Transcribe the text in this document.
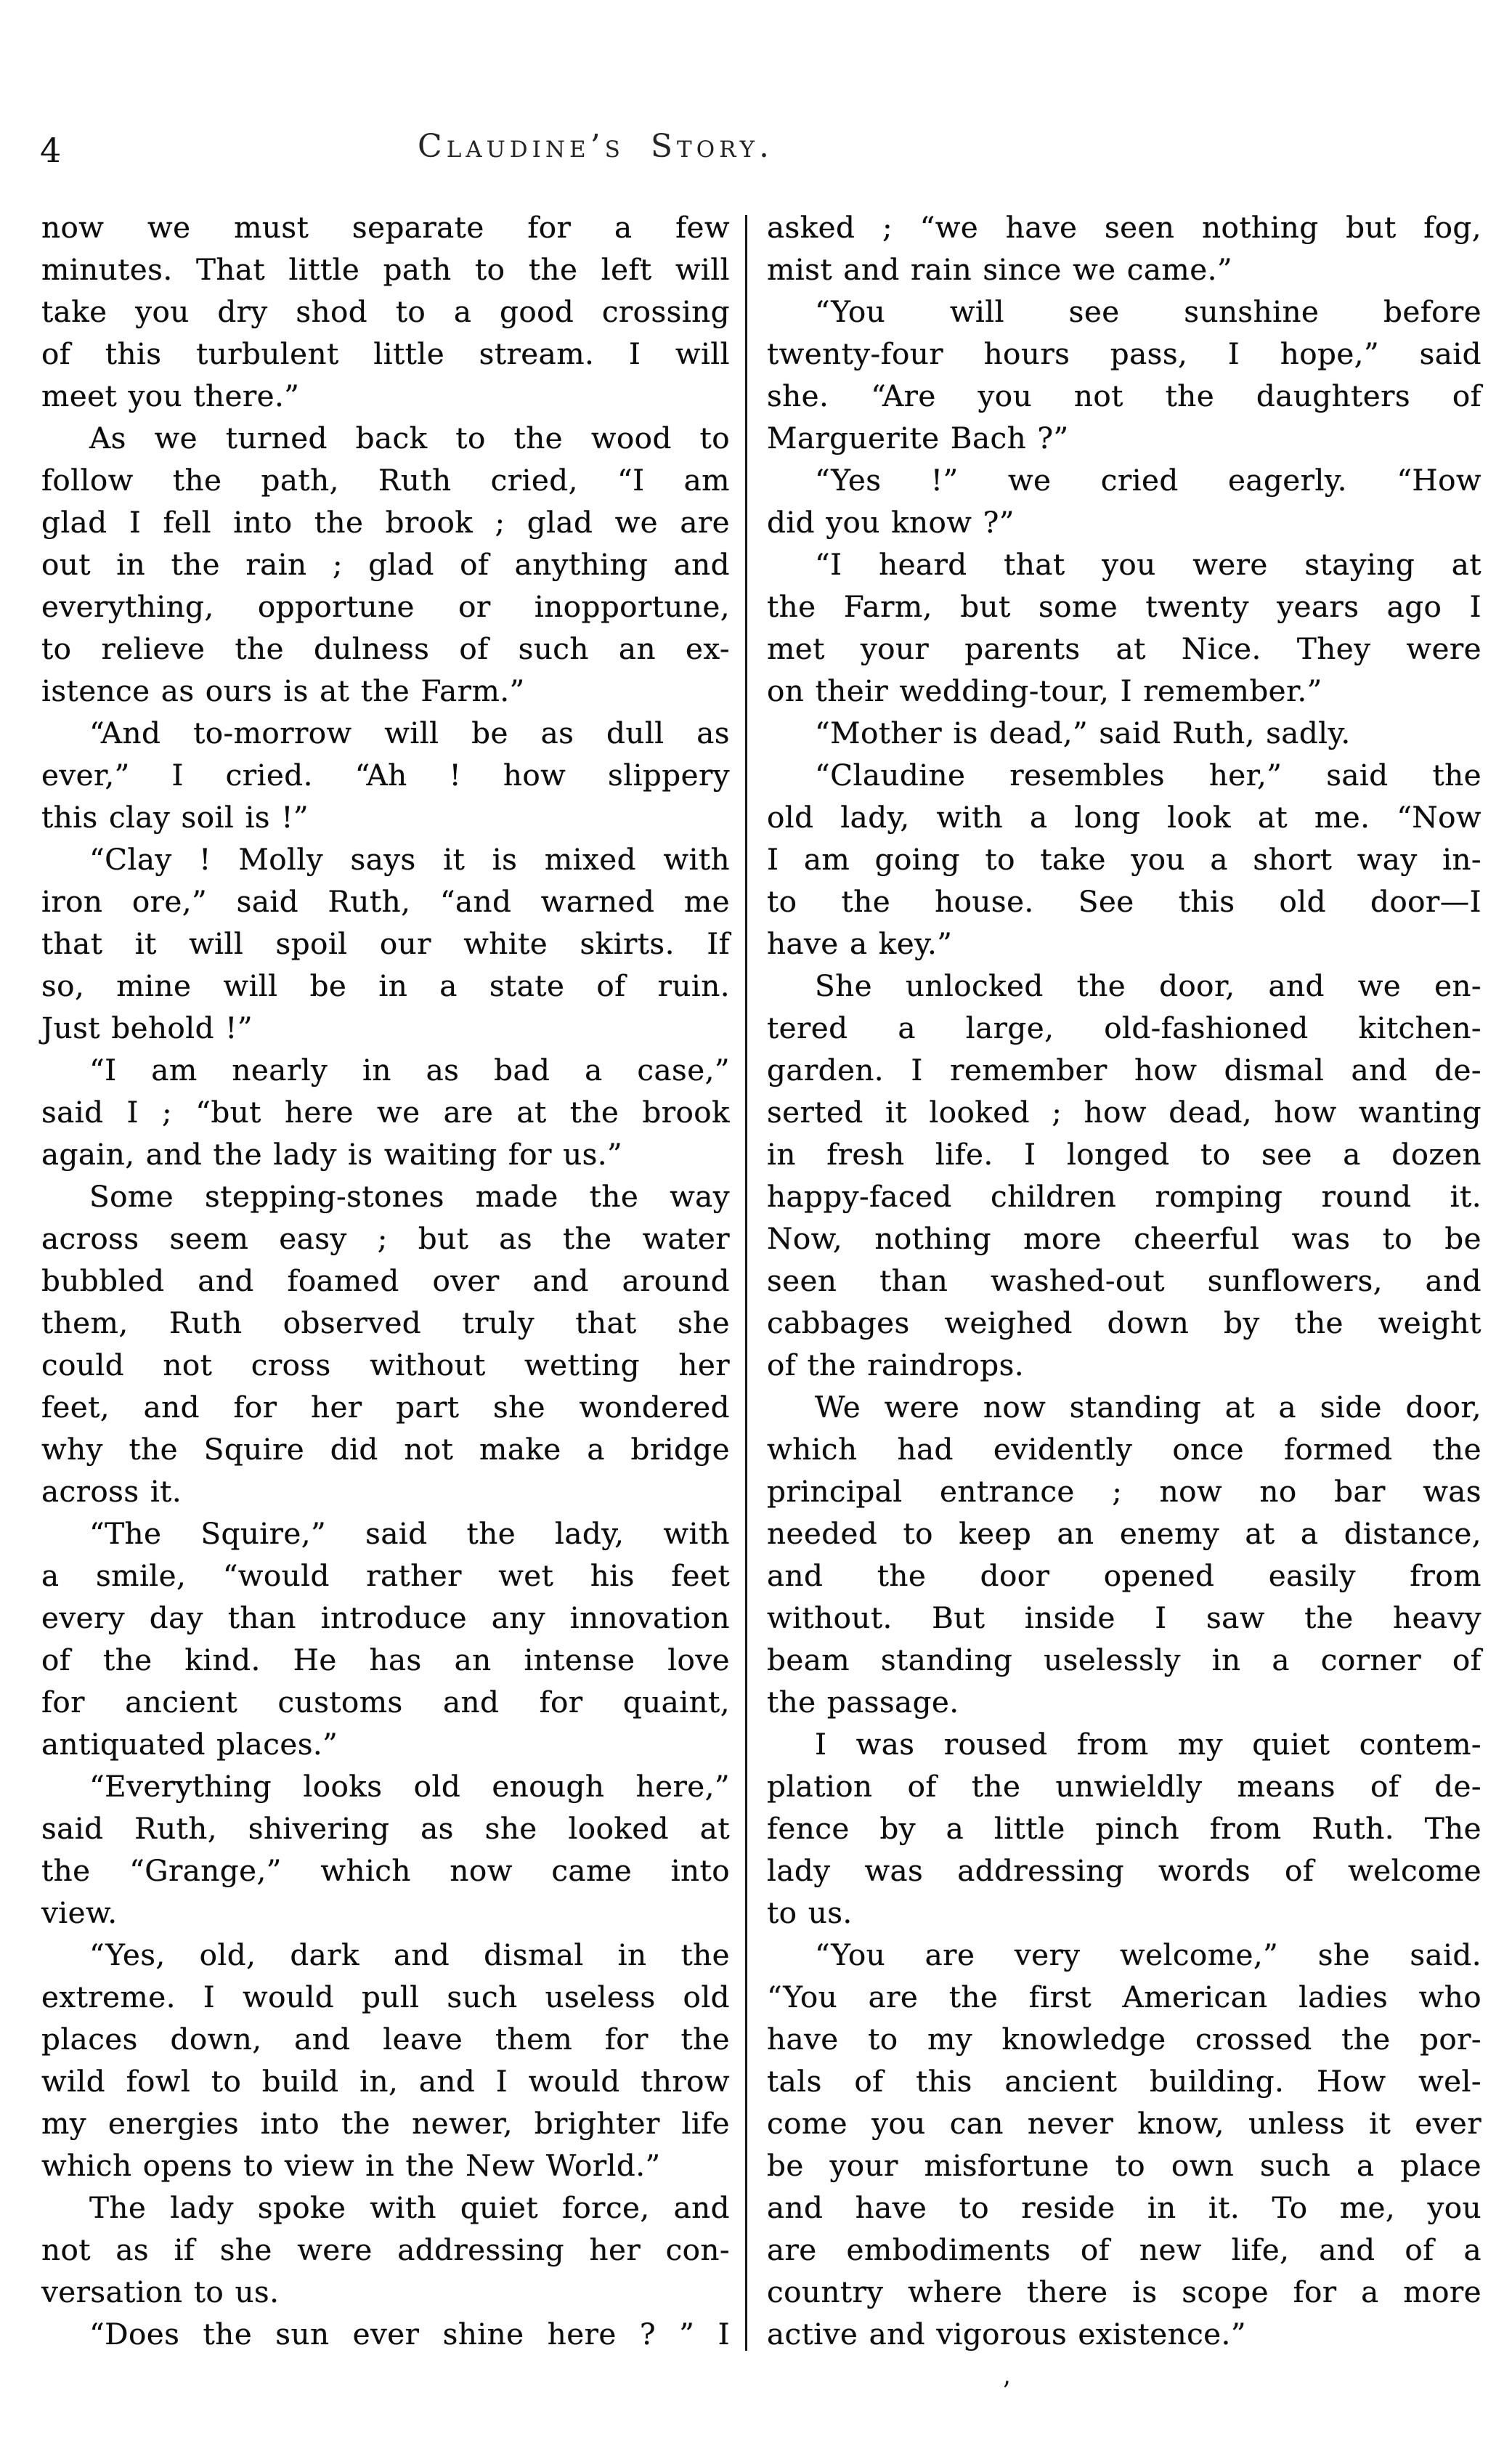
4	Claudine’s Story.
now we must separate for a few
minutes. That little path to the left will
take you dry shod to a good crossing
of this turbulent little stream. I will
meet you there.”
As we turned back to the wood to
follow the path, Ruth cried, “I am
glad I fell into the brook ; glad we are
out in the rain ; glad of anything and
everything, opportune or inopportune,
to relieve the dulness of such an ex-
istence as ours is at the Farm.”
“And to-morrow will be as dull as
ever,” I cried. “Ah ! how slippery
this clay soil is !”
“Clay ! Molly says it is mixed with
iron ore,” said Ruth, “and warned me
that it will spoil our white skirts. If
so, mine will be in a state of ruin.
Just behold !”
“I am nearly in as bad a case,”
said I ; “but here we are at the brook
again, and the lady is waiting for us.”
Some stepping-stones made the way
across seem easy ; but as the water
bubbled and foamed over and around
them, Ruth observed truly that she
could not cross without wetting her
feet, and for her part she wondered
why the Squire did not make a bridge
across it.
“The Squire,” said the lady, with
a smile, “would rather wet his feet
every day than introduce any innovation
of the kind. He has an intense love
for ancient customs and for quaint,
antiquated places.”
“Everything looks old enough here,”
said Ruth, shivering as she looked at
the “Grange,” which now came into
view.
“Yes, old, dark and dismal in the
extreme. I would pull such useless old
places down, and leave them for the
wild fowl to build in, and I would throw
my energies into the newer, brighter life
which opens to view in the New World.”
The lady spoke with quiet force, and
not as if she were addressing her con-
versation to us.
“Does the sun ever shine here ? ” I
asked ; “we have seen nothing but fog,
mist and rain since we came.”
“You will see sunshine before
twenty-four hours pass, I hope,” said
she. “Are you not the daughters of
Marguerite Bach ?”
“Yes !” we cried eagerly. “How
did you know ?”
“I heard that you were staying at
the Farm, but some twenty years ago I
met your parents at Nice. They were
on their wedding-tour, I remember.”
“Mother is dead,” said Ruth, sadly.
“Claudine resembles her,” said the
old lady, with a long look at me. “Now
I am going to take you a short way in-
to the house. See this old door—I
have a key.”
She unlocked the door, and we en-
tered a large, old-fashioned kitchen-
garden. I remember how dismal and de-
serted it looked ; how dead, how wanting
in fresh life. I longed to see a dozen
happy-faced children romping round it.
Now, nothing more cheerful was to be
seen than washed-out sunflowers, and
cabbages weighed down by the weight
of the raindrops.
We were now standing at a side door,
which had evidently once formed the
principal entrance ; now no bar was
needed to keep an enemy at a distance,
and the door opened easily from
without. But inside I saw the heavy
beam standing uselessly in a corner of
the passage.
I was roused from my quiet contem-
plation of the unwieldly means of de-
fence by a little pinch from Ruth. The
lady was addressing words of welcome
to us.
“You are very welcome,” she said.
“You are the first American ladies who
have to my knowledge crossed the por-
tals of this ancient building. How wel-
come you can never know, unless it ever
be your misfortune to own such a place
and have to reside in it. To me, you
are embodiments of new life, and of a
country where there is scope for a more
active and vigorous existence.”
’
